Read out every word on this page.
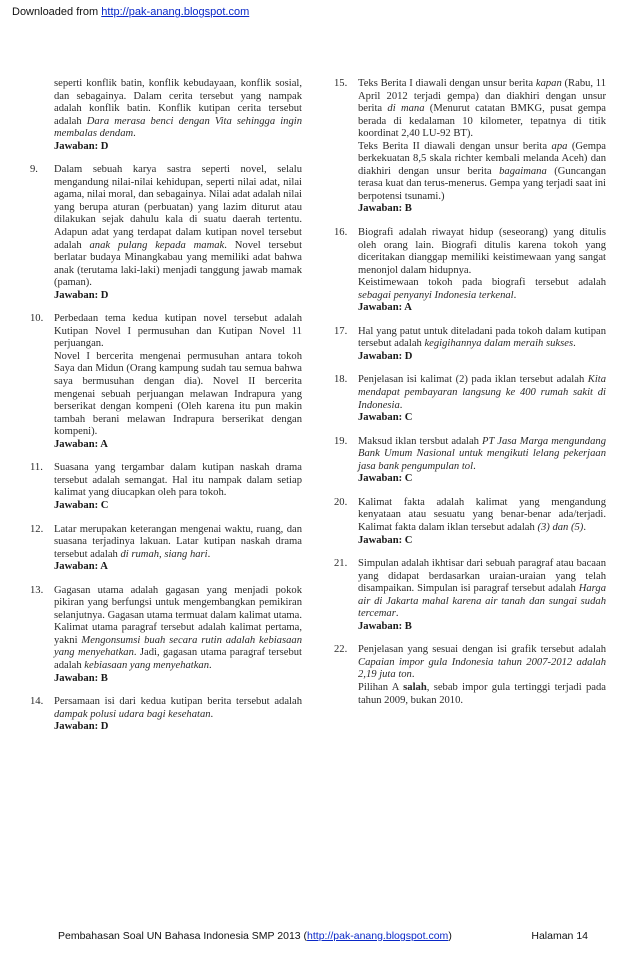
Downloaded from http://pak-anang.blogspot.com

seperti konflik batin, konflik kebudayaan, konflik sosial, dan sebagainya. Dalam cerita tersebut yang nampak adalah konflik batin. Konflik kutipan cerita tersebut adalah Dara merasa benci dengan Vita sehingga ingin membalas dendam.

Jawaban: D

9. Dalam sebuah karya sastra seperti novel, selalu mengandung nilai-nilai kehidupan, seperti nilai adat, nilai agama, nilai moral, dan sebagainya. Nilai adat adalah nilai yang berupa aturan (perbuatan) yang lazim diturut atau dilakukan sejak dahulu kala di suatu daerah tertentu. Adapun adat yang terdapat dalam kutipan novel tersebut adalah anak pulang kepada mamak. Novel tersebut berlatar budaya Minangkabau yang memiliki adat bahwa anak (terutama laki-laki) menjadi tanggung jawab mamak (paman).

Jawaban: D

10. Perbedaan tema kedua kutipan novel tersebut adalah Kutipan Novel I permusuhan dan Kutipan Novel 11 perjuangan.

Novel I bercerita mengenai permusuhan antara tokoh Saya dan Midun (Orang kampung sudah tau semua bahwa saya bermusuhan dengan dia). Novel II bercerita mengenai sebuah perjuangan melawan Indrapura yang berserikat dengan kompeni (Oleh karena itu pun makin tambah berani melawan Indrapura berserikat dengan kompeni).

Jawaban: A

11. Suasana yang tergambar dalam kutipan naskah drama tersebut adalah semangat. Hal itu nampak dalam setiap kalimat yang diucapkan oleh para tokoh.

Jawaban: C

12. Latar merupakan keterangan mengenai waktu, ruang, dan suasana terjadinya lakuan. Latar kutipan naskah drama tersebut adalah di rumah, siang hari.

Jawaban: A

13. Gagasan utama adalah gagasan yang menjadi pokok pikiran yang berfungsi untuk mengembangkan pemikiran selanjutnya. Gagasan utama termuat dalam kalimat utama. Kalimat utama paragraf tersebut adalah kalimat pertama, yakni Mengonsumsi buah secara rutin adalah kebiasaan yang menyehatkan. Jadi, gagasan utama paragraf tersebut adalah kebiasaan yang menyehatkan.

Jawaban: B

14. Persamaan isi dari kedua kutipan berita tersebut adalah dampak polusi udara bagi kesehatan.

Jawaban: D

15. Teks Berita I diawali dengan unsur berita kapan (Rabu, 11 April 2012 terjadi gempa) dan diakhiri dengan unsur berita di mana (Menurut catatan BMKG, pusat gempa berada di kedalaman 10 kilometer, tepatnya di titik koordinat 2,40 LU-92 BT).

Teks Berita II diawali dengan unsur berita apa (Gempa berkekuatan 8,5 skala richter kembali melanda Aceh) dan diakhiri dengan unsur berita bagaimana (Guncangan terasa kuat dan terus-menerus. Gempa yang terjadi saat ini berpotensi tsunami.)

Jawaban: B

16. Biografi adalah riwayat hidup (seseorang) yang ditulis oleh orang lain. Biografi ditulis karena tokoh yang diceritakan dianggap memiliki keistimewaan yang sangat menonjol dalam hidupnya.

Keistimewaan tokoh pada biografi tersebut adalah sebagai penyanyi Indonesia terkenal.

Jawaban: A

17. Hal yang patut untuk diteladani pada tokoh dalam kutipan tersebut adalah kegigihannya dalam meraih sukses.

Jawaban: D

18. Penjelasan isi kalimat (2) pada iklan tersebut adalah Kita mendapat pembayaran langsung ke 400 rumah sakit di Indonesia.

Jawaban: C

19. Maksud iklan tersbut adalah PT Jasa Marga mengundang Bank Umum Nasional untuk mengikuti lelang pekerjaan jasa bank pengumpulan tol.

Jawaban: C

20. Kalimat fakta adalah kalimat yang mengandung kenyataan atau sesuatu yang benar-benar ada/terjadi. Kalimat fakta dalam iklan tersebut adalah (3) dan (5).

Jawaban: C

21. Simpulan adalah ikhtisar dari sebuah paragraf atau bacaan yang didapat berdasarkan uraian-uraian yang telah disampaikan. Simpulan isi paragraf tersebut adalah Harga air di Jakarta mahal karena air tanah dan sungai sudah tercemar.

Jawaban: B

22. Penjelasan yang sesuai dengan isi grafik tersebut adalah Capaian impor gula Indonesia tahun 2007-2012 adalah 2,19 juta ton.

Pilihan A salah, sebab impor gula tertinggi terjadi pada tahun 2009, bukan 2010.

Pembahasan Soal UN Bahasa Indonesia SMP 2013 (http://pak-anang.blogspot.com)	Halaman 14
